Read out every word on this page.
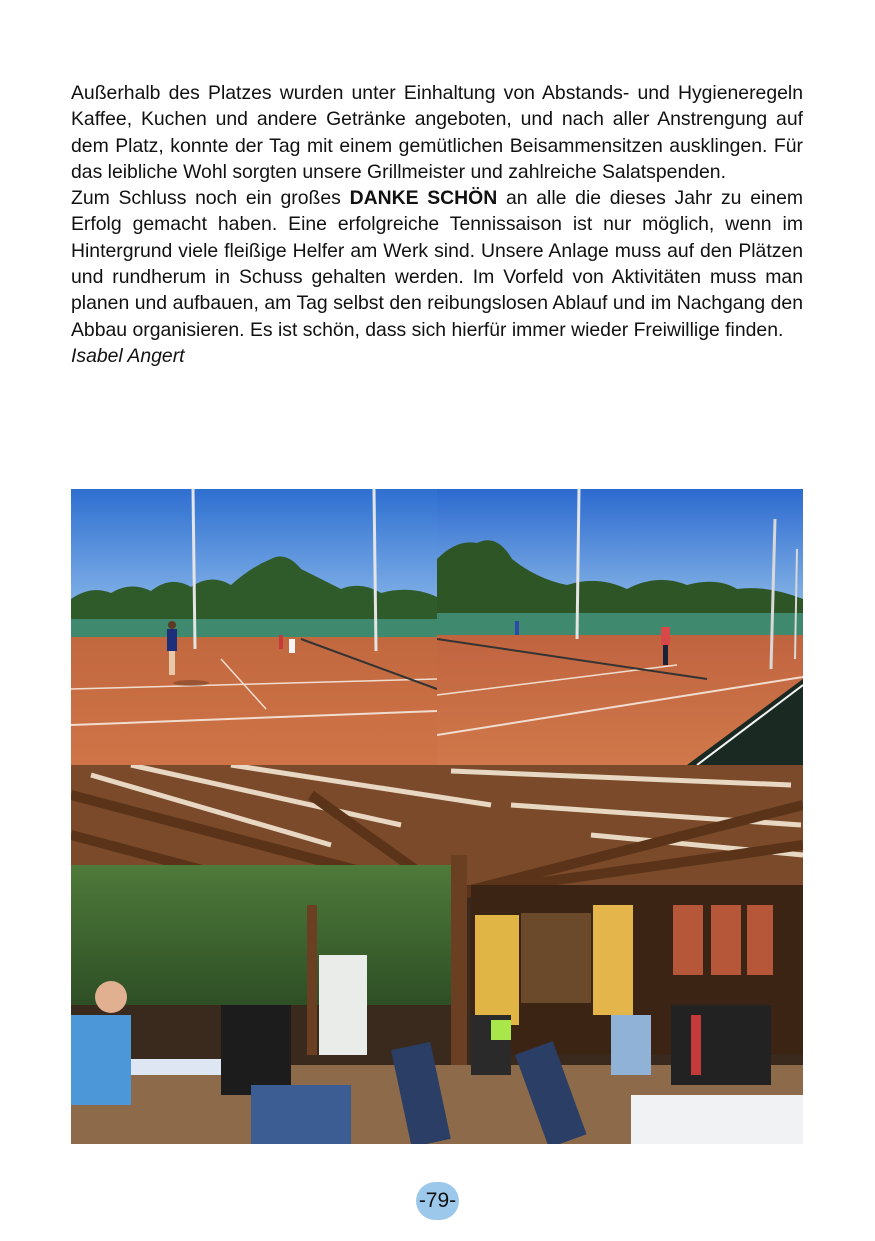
Außerhalb des Platzes wurden unter Einhaltung von Abstands- und Hygieneregeln Kaffee, Kuchen und andere Getränke angeboten, und nach aller Anstrengung auf dem Platz, konnte der Tag mit einem gemütlichen Beisammensitzen ausklingen. Für das leibliche Wohl sorgten unsere Grillmeister und zahlreiche Salatspenden.

Zum Schluss noch ein großes DANKE SCHÖN an alle die dieses Jahr zu einem Erfolg gemacht haben. Eine erfolgreiche Tennissaison ist nur möglich, wenn im Hintergrund viele fleißige Helfer am Werk sind. Unsere Anlage muss auf den Plätzen und rundherum in Schuss gehalten werden. Im Vorfeld von Aktivitäten muss man planen und aufbauen, am Tag selbst den reibungslosen Ablauf und im Nachgang den Abbau organisieren. Es ist schön, dass sich hierfür immer wieder Freiwillige finden.

Isabel Angert

-79-
